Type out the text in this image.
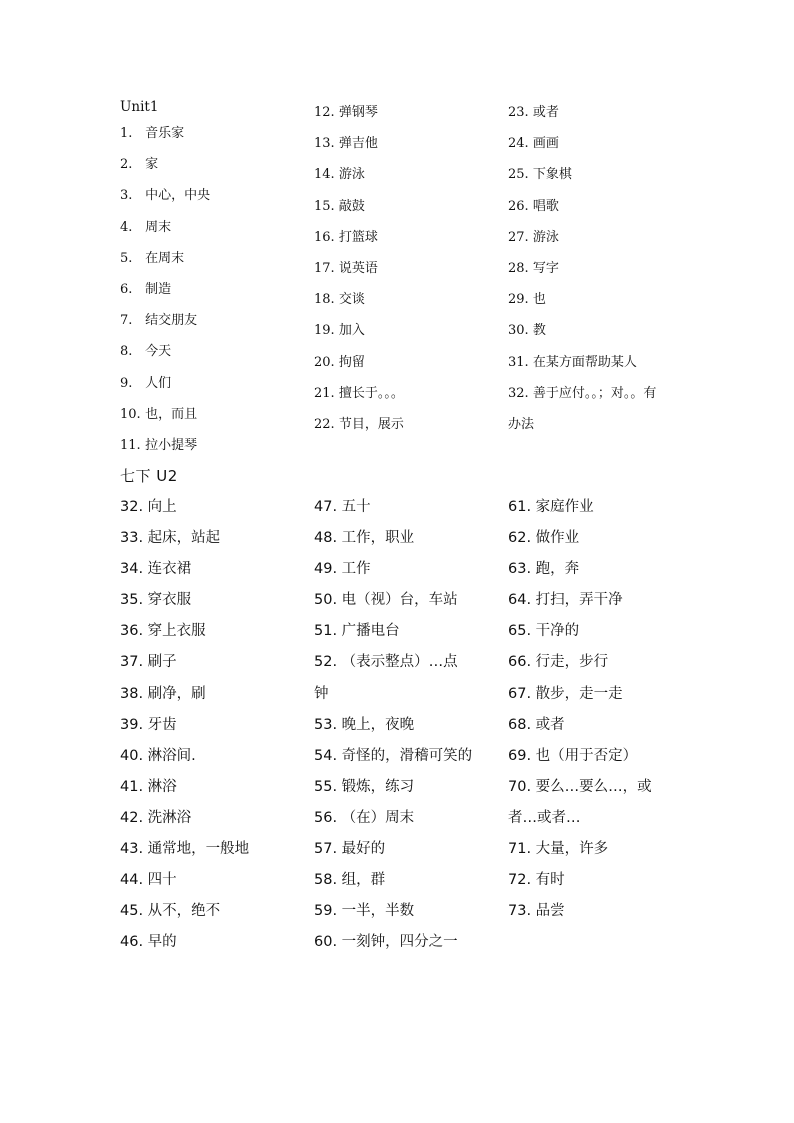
Unit1
1. 音乐家
2. 家
3. 中心，中央
4. 周末
5. 在周末
6. 制造
7. 结交朋友
8. 今天
9. 人们
10. 也，而且
11. 拉小提琴
12. 弹钢琴
13. 弹吉他
14. 游泳
15. 敲鼓
16. 打篮球
17. 说英语
18. 交谈
19. 加入
20. 拘留
21. 擅长于。。。
22. 节目，展示
23. 或者
24. 画画
25. 下象棋
26. 唱歌
27. 游泳
28. 写字
29. 也
30. 教
31. 在某方面帮助某人
32. 善于应付。。；对。。有
办法
七下 U2
32. 向上
33. 起床，站起
34. 连衣裙
35. 穿衣服
36. 穿上衣服
37. 刷子
38. 刷净，刷
39. 牙齿
40. 淋浴间.
41. 淋浴
42. 洗淋浴
43. 通常地，一般地
44. 四十
45. 从不，绝不
46. 早的
47. 五十
48. 工作，职业
49. 工作
50. 电（视）台，车站
51. 广播电台
52. （表示整点）…点
钟
53. 晚上，夜晚
54. 奇怪的，滑稽可笑的
55. 锻炼，练习
56. （在）周末
57. 最好的
58. 组，群
59. 一半，半数
60. 一刻钟，四分之一
61. 家庭作业
62. 做作业
63. 跑，奔
64. 打扫，弄干净
65. 干净的
66. 行走，步行
67. 散步，走一走
68. 或者
69. 也（用于否定）
70. 要么…要么…，或
者…或者…
71. 大量，许多
72. 有时
73. 品尝
